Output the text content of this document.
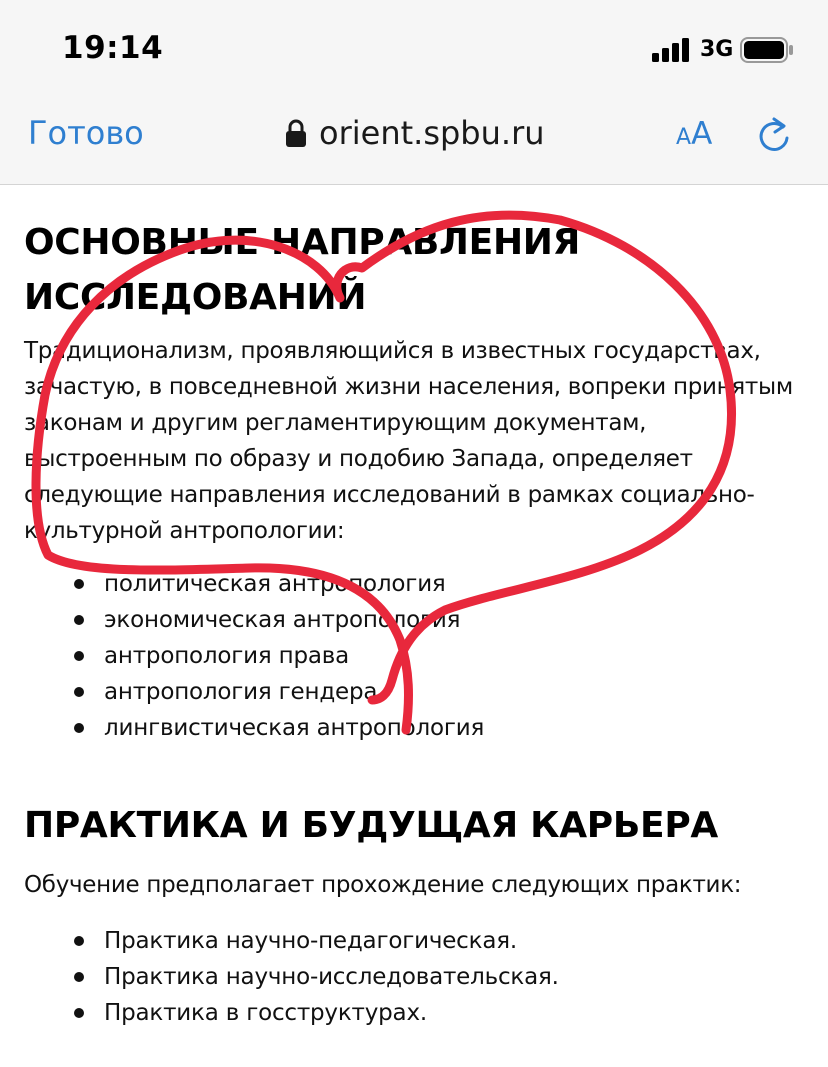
19:14	3G
Готово	orient.spbu.ru	AA
ОСНОВНЫЕ НАПРАВЛЕНИЯ
ИССЛЕДОВАНИЙ

Традиционализм, проявляющийся в известных государствах, зачастую, в повседневной жизни населения, вопреки принятым законам и другим регламентирующим документам, выстроенным по образу и подобию Запада, определяет следующие направления исследований в рамках социально-культурной антропологии:

политическая антропология
экономическая антропология
антропология права
антропология гендера
лингвистическая антропология
ПРАКТИКА И БУДУЩАЯ КАРЬЕРА

Обучение предполагает прохождение следующих практик:

Практика научно-педагогическая.
Практика научно-исследовательская.
Практика в госструктурах.
